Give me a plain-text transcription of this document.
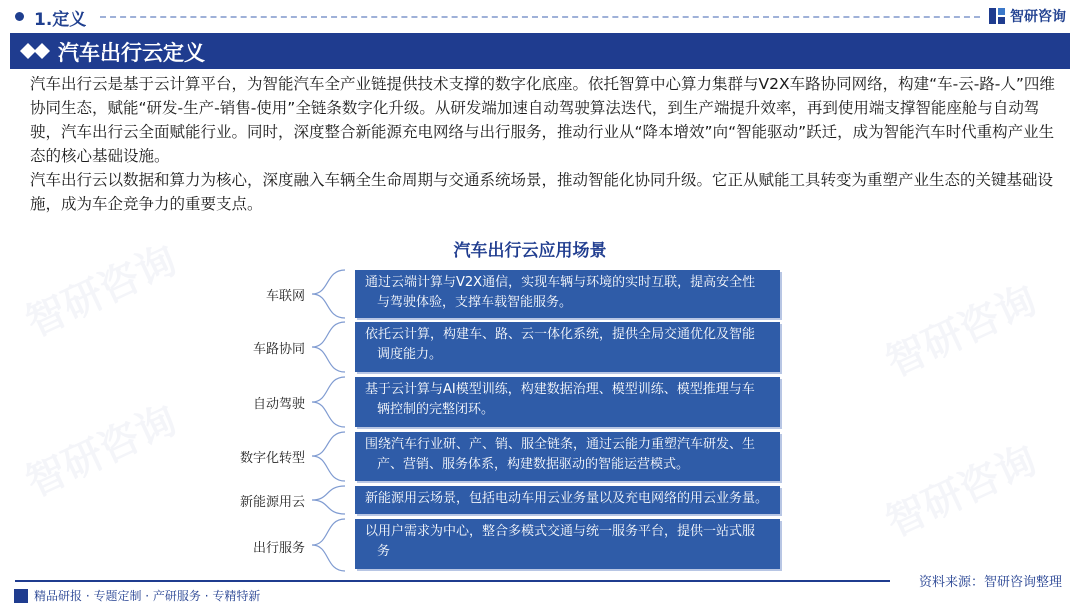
智研咨询
智研咨询
智研咨询
智研咨询
1.定义	智研咨询
汽车出行云定义

汽车出行云是基于云计算平台，为智能汽车全产业链提供技术支撑的数字化底座。依托智算中心算力集群与V2X车路协同网络，构建“车-云-路-人”四维协同生态，赋能“研发-生产-销售-使用”全链条数字化升级。从研发端加速自动驾驶算法迭代，到生产端提升效率，再到使用端支撑智能座舱与自动驾驶，汽车出行云全面赋能行业。同时，深度整合新能源充电网络与出行服务，推动行业从“降本增效”向“智能驱动”跃迁，成为智能汽车时代重构产业生态的核心基础设施。

汽车出行云以数据和算力为核心，深度融入车辆全生命周期与交通系统场景，推动智能化协同升级。它正从赋能工具转变为重塑产业生态的关键基础设施，成为车企竞争力的重要支点。

汽车出行云应用场景
车联网
通过云端计算与V2X通信，实现车辆与环境的实时互联，提高安全性
与驾驶体验，支撑车载智能服务。
车路协同
依托云计算，构建车、路、云一体化系统，提供全局交通优化及智能
调度能力。
自动驾驶
基于云计算与AI模型训练，构建数据治理、模型训练、模型推理与车
辆控制的完整闭环。
数字化转型
围绕汽车行业研、产、销、服全链条，通过云能力重塑汽车研发、生
产、营销、服务体系，构建数据驱动的智能运营模式。
新能源用云	新能源用云场景，包括电动车用云业务量以及充电网络的用云业务量。
出行服务
以用户需求为中心，整合多模式交通与统一服务平台，提供一站式服
务
资料来源：智研咨询整理
精品研报 · 专题定制 · 产研服务 · 专精特新
